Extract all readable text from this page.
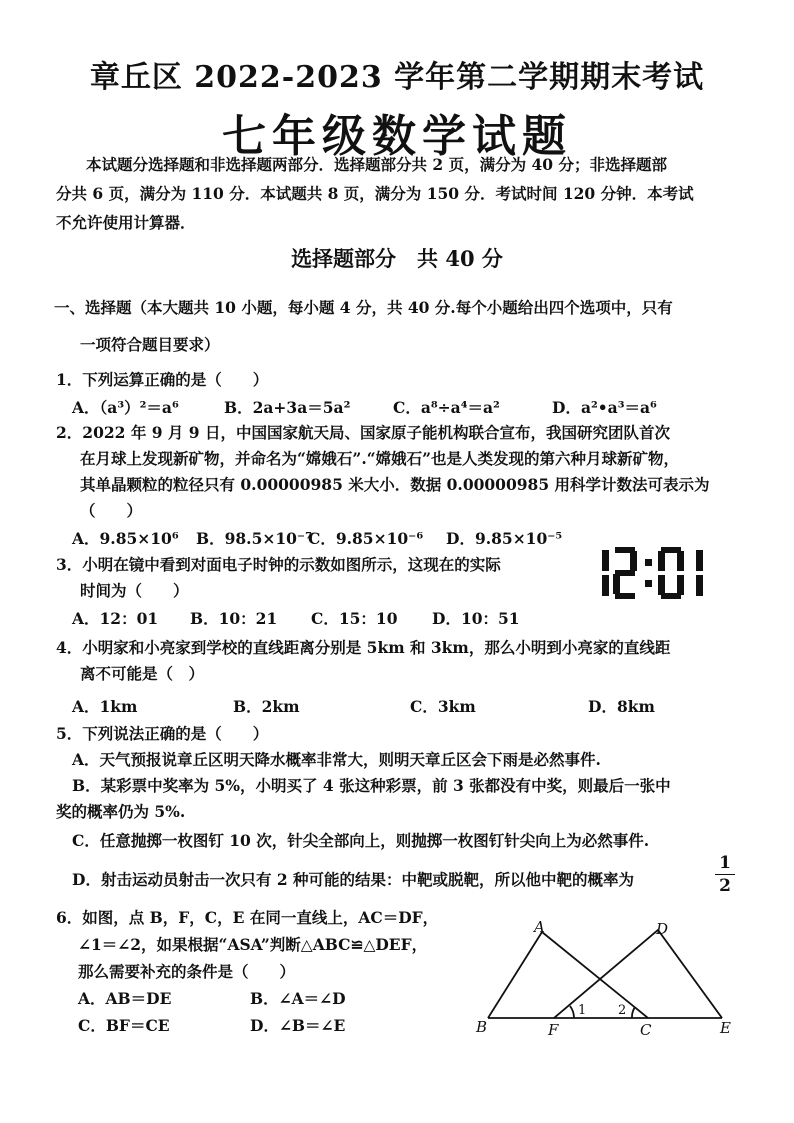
章丘区 2022-2023 学年第二学期期末考试
七年级数学试题
本试题分选择题和非选择题两部分．选择题部分共 2 页，满分为 40 分；非选择题部
分共 6 页，满分为 110 分．本试题共 8 页，满分为 150 分．考试时间 120 分钟．本考试
不允许使用计算器．
选择题部分　共 40 分
一、选择题（本大题共 10 小题，每小题 4 分，共 40 分.每个小题给出四个选项中，只有
一项符合题目要求）
1．下列运算正确的是（　　）
A．（a³）²＝a⁶	B．2a+3a＝5a²	C．a⁸÷a⁴＝a²	D．a²•a³＝a⁶
2．2022 年 9 月 9 日，中国国家航天局、国家原子能机构联合宣布，我国研究团队首次
在月球上发现新矿物，并命名为“嫦娥石”.“嫦娥石”也是人类发现的第六种月球新矿物，
其单晶颗粒的粒径只有 0.00000985 米大小．数据 0.00000985 用科学计数法可表示为
（　　）
A．9.85×10⁶ B．98.5×10⁻⁷
C．9.85×10⁻⁶ D．9.85×10⁻⁵
3．小明在镜中看到对面电子时钟的示数如图所示，这现在的实际
时间为（　　）
A．12：01 B．10：21 C．15：10 D．10：51
4．小明家和小亮家到学校的直线距离分别是 5km 和 3km，那么小明到小亮家的直线距
离不可能是（　）
A．1km	B．2km	C．3km	D．8km
5．下列说法正确的是（　　）
A．天气预报说章丘区明天降水概率非常大，则明天章丘区会下雨是必然事件.
B．某彩票中奖率为 5%，小明买了 4 张这种彩票，前 3 张都没有中奖，则最后一张中
奖的概率仍为 5%.
C．任意抛掷一枚图钉 10 次，针尖全部向上，则抛掷一枚图钉针尖向上为必然事件.
D．射击运动员射击一次只有 2 种可能的结果：中靶或脱靶，所以他中靶的概率为
1
2
6．如图，点 B，F，C，E 在同一直线上，AC＝DF，
∠1＝∠2，如果根据“ASA”判断△ABC≌△DEF，
那么需要补充的条件是（　　）
A．AB＝DE	B．∠A＝∠D
C．BF＝CE	D．∠B＝∠E
A	D
B	F	C	E
1 2
